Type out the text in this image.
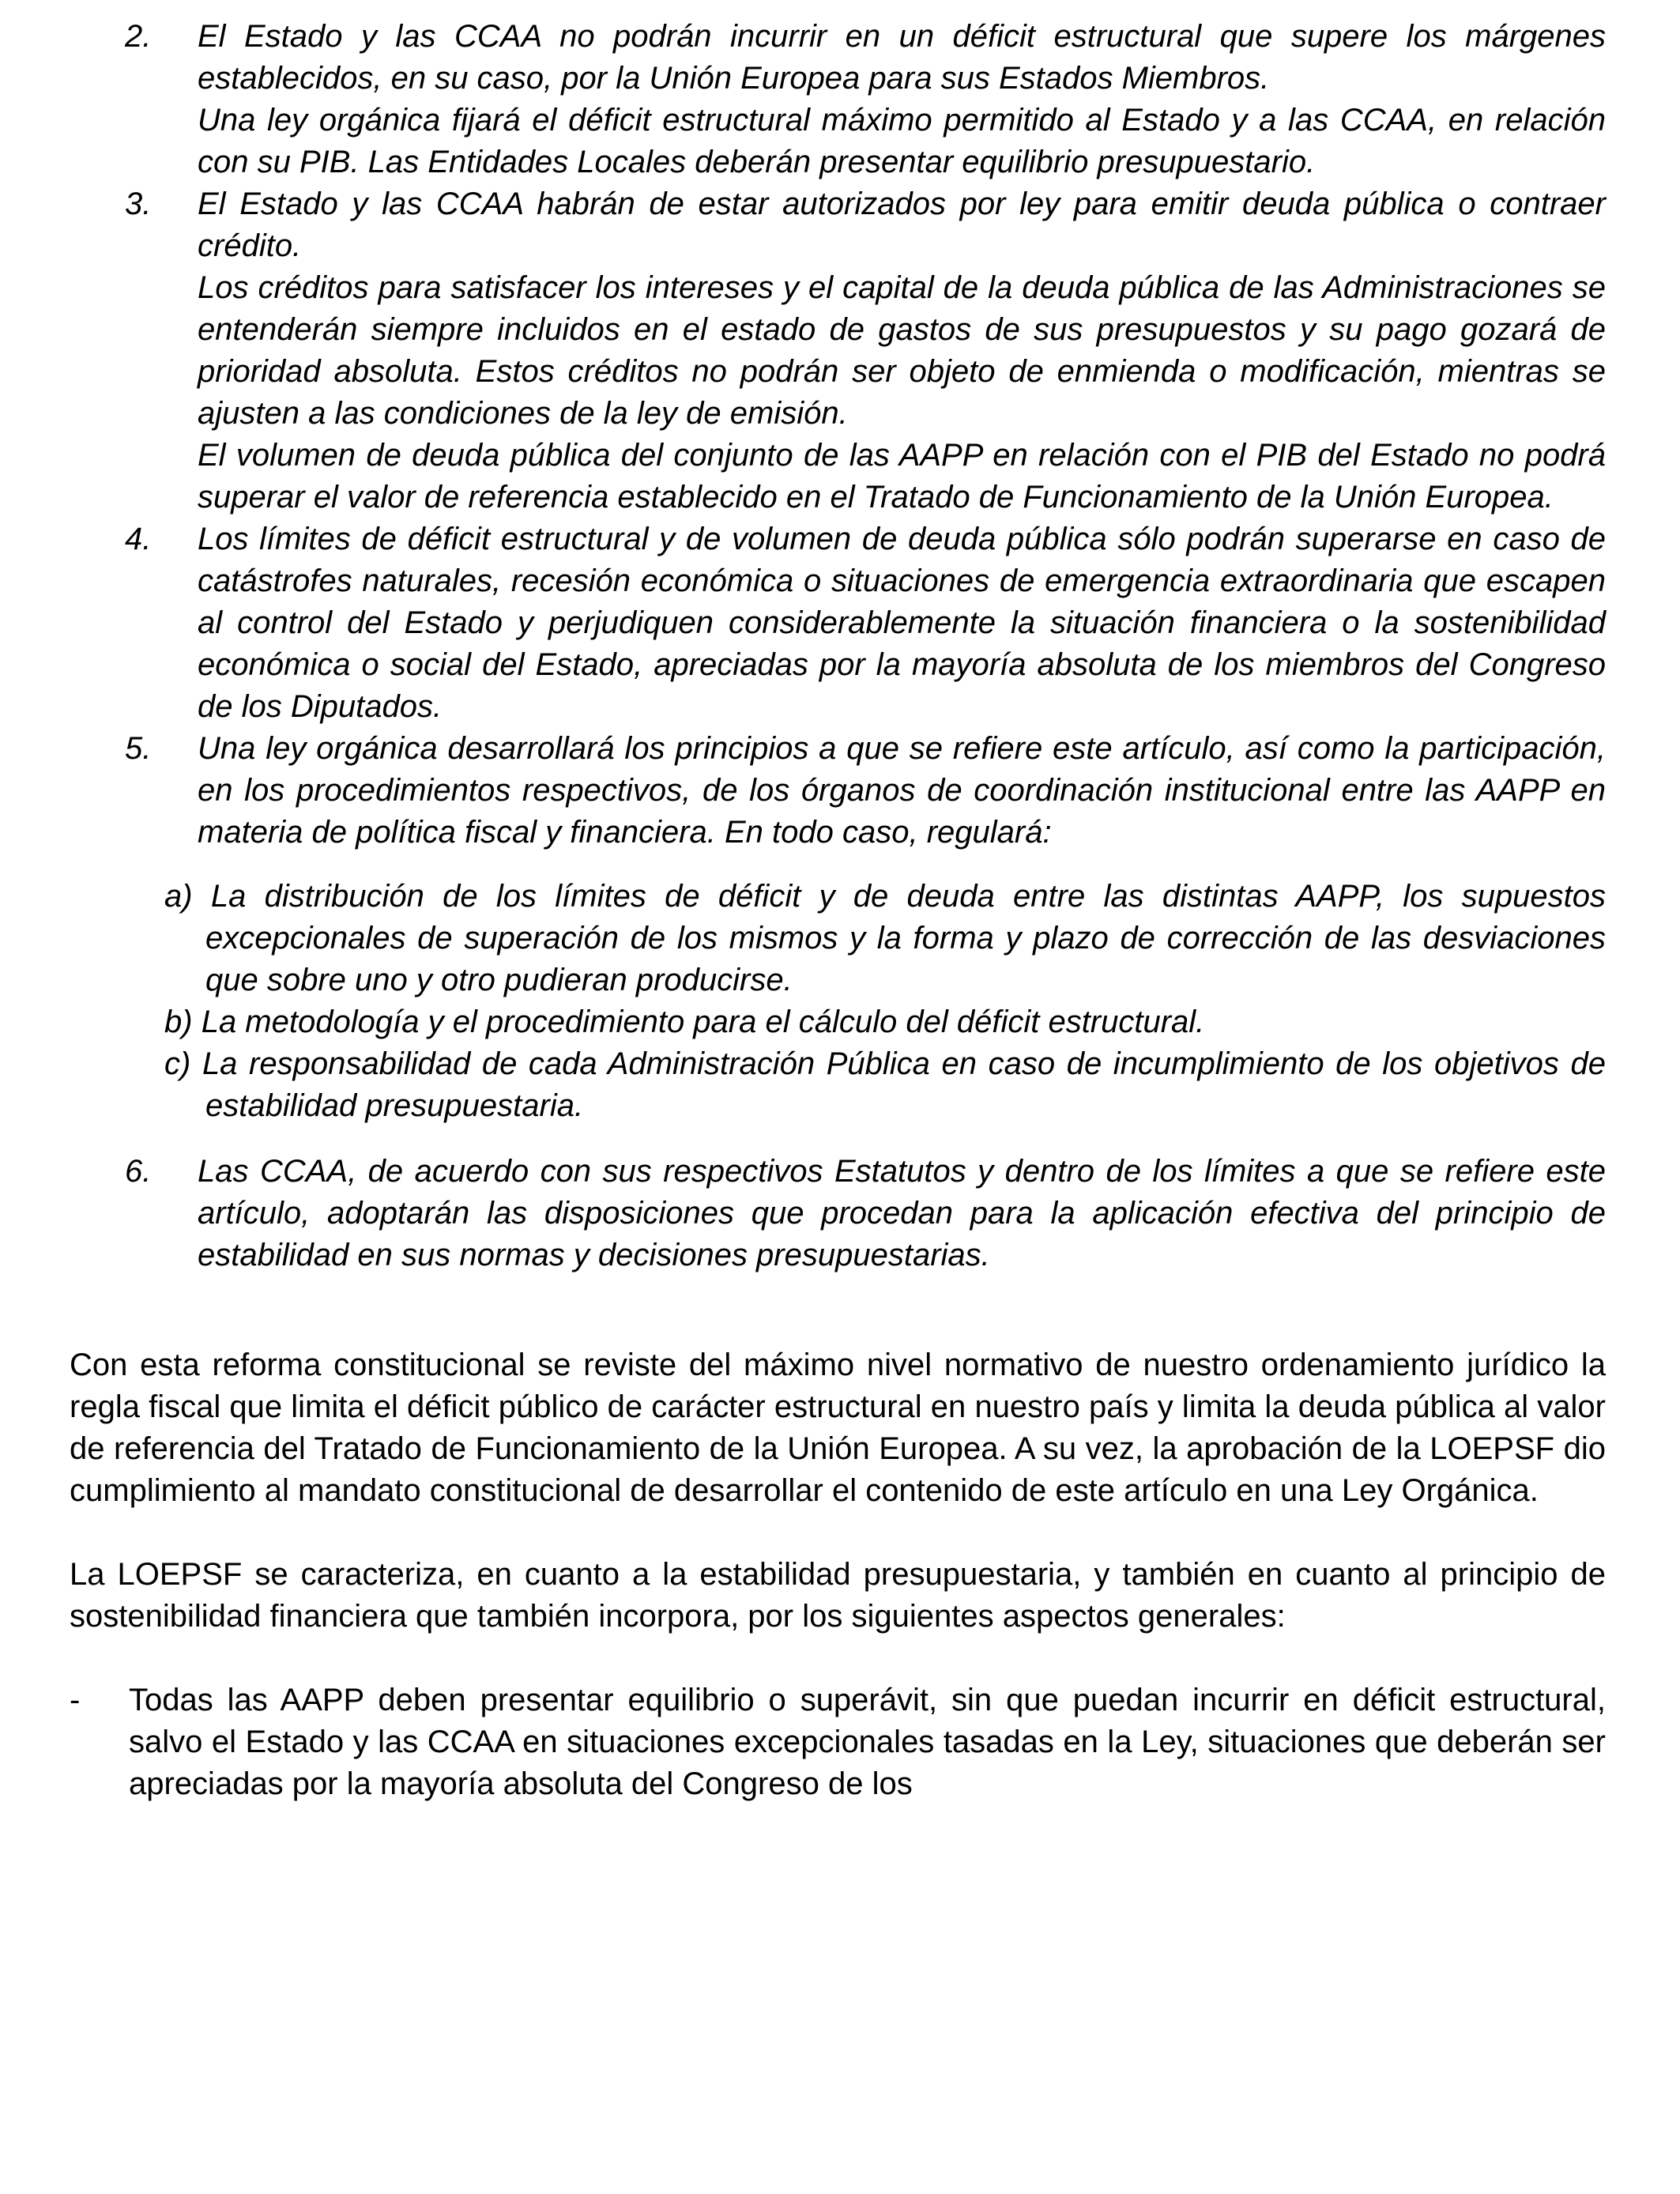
2. El Estado y las CCAA no podrán incurrir en un déficit estructural que supere los márgenes establecidos, en su caso, por la Unión Europea para sus Estados Miembros.

Una ley orgánica fijará el déficit estructural máximo permitido al Estado y a las CCAA, en relación con su PIB. Las Entidades Locales deberán presentar equilibrio presupuestario.

3. El Estado y las CCAA habrán de estar autorizados por ley para emitir deuda pública o contraer crédito.

Los créditos para satisfacer los intereses y el capital de la deuda pública de las Administraciones se entenderán siempre incluidos en el estado de gastos de sus presupuestos y su pago gozará de prioridad absoluta. Estos créditos no podrán ser objeto de enmienda o modificación, mientras se ajusten a las condiciones de la ley de emisión.

El volumen de deuda pública del conjunto de las AAPP en relación con el PIB del Estado no podrá superar el valor de referencia establecido en el Tratado de Funcionamiento de la Unión Europea.

4. Los límites de déficit estructural y de volumen de deuda pública sólo podrán superarse en caso de catástrofes naturales, recesión económica o situaciones de emergencia extraordinaria que escapen al control del Estado y perjudiquen considerablemente la situación financiera o la sostenibilidad económica o social del Estado, apreciadas por la mayoría absoluta de los miembros del Congreso de los Diputados.

5. Una ley orgánica desarrollará los principios a que se refiere este artículo, así como la participación, en los procedimientos respectivos, de los órganos de coordinación institucional entre las AAPP en materia de política fiscal y financiera. En todo caso, regulará:

a) La distribución de los límites de déficit y de deuda entre las distintas AAPP, los supuestos excepcionales de superación de los mismos y la forma y plazo de corrección de las desviaciones que sobre uno y otro pudieran producirse.
b) La metodología y el procedimiento para el cálculo del déficit estructural.
c) La responsabilidad de cada Administración Pública en caso de incumplimiento de los objetivos de estabilidad presupuestaria.
6. Las CCAA, de acuerdo con sus respectivos Estatutos y dentro de los límites a que se refiere este artículo, adoptarán las disposiciones que procedan para la aplicación efectiva del principio de estabilidad en sus normas y decisiones presupuestarias.

Con esta reforma constitucional se reviste del máximo nivel normativo de nuestro ordenamiento jurídico la regla fiscal que limita el déficit público de carácter estructural en nuestro país y limita la deuda pública al valor de referencia del Tratado de Funcionamiento de la Unión Europea. A su vez, la aprobación de la LOEPSF dio cumplimiento al mandato constitucional de desarrollar el contenido de este artículo en una Ley Orgánica.

La LOEPSF se caracteriza, en cuanto a la estabilidad presupuestaria, y también en cuanto al principio de sostenibilidad financiera que también incorpora, por los siguientes aspectos generales:

- Todas las AAPP deben presentar equilibrio o superávit, sin que puedan incurrir en déficit estructural, salvo el Estado y las CCAA en situaciones excepcionales tasadas en la Ley, situaciones que deberán ser apreciadas por la mayoría absoluta del Congreso de los
